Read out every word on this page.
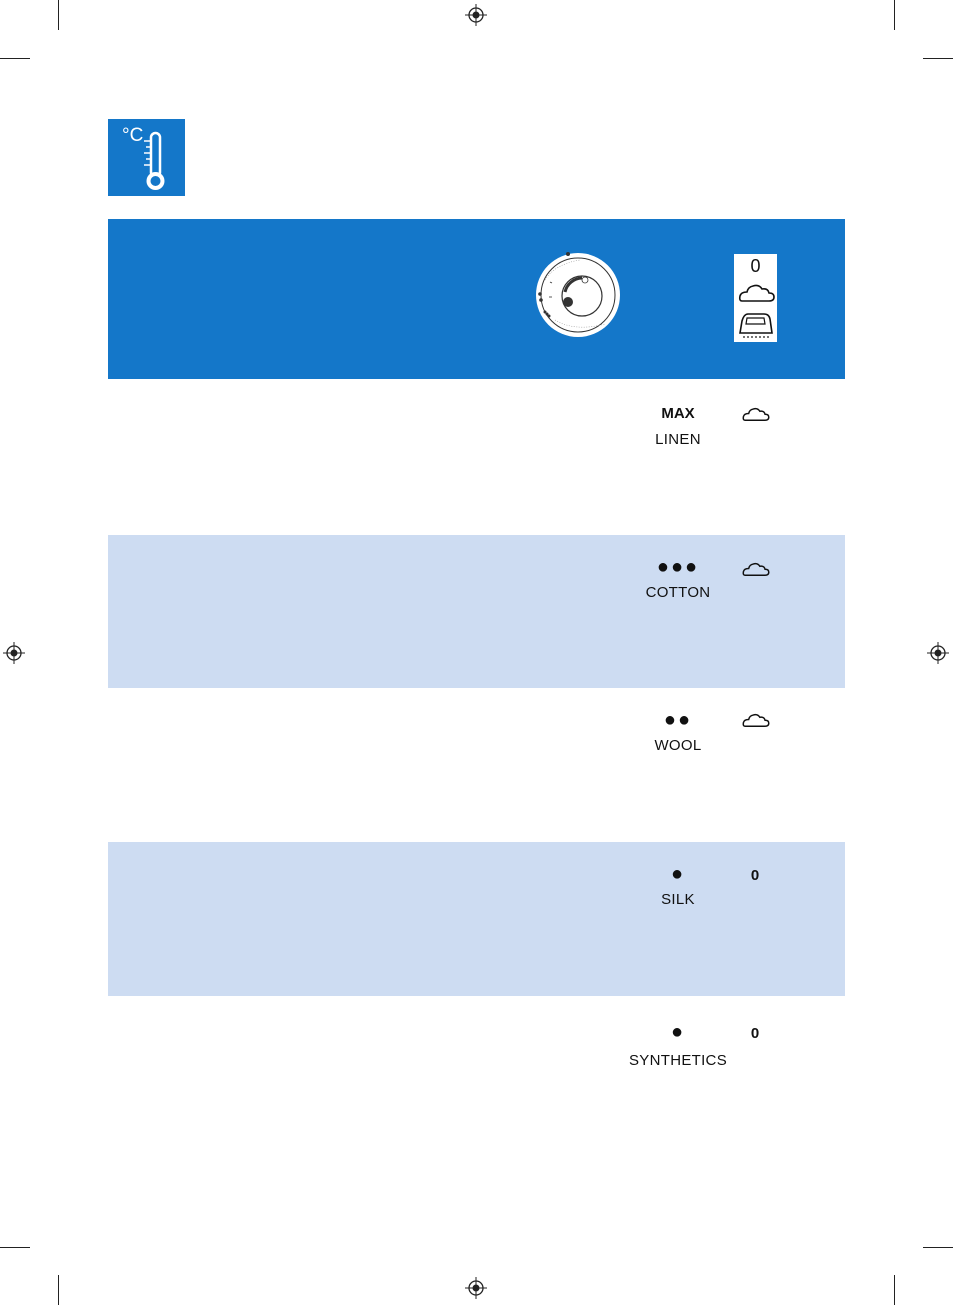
°C
0
MAX
LINEN
●●●
COTTON
●●
WOOL
●
SILK
0
●
SYNTHETICS
0
